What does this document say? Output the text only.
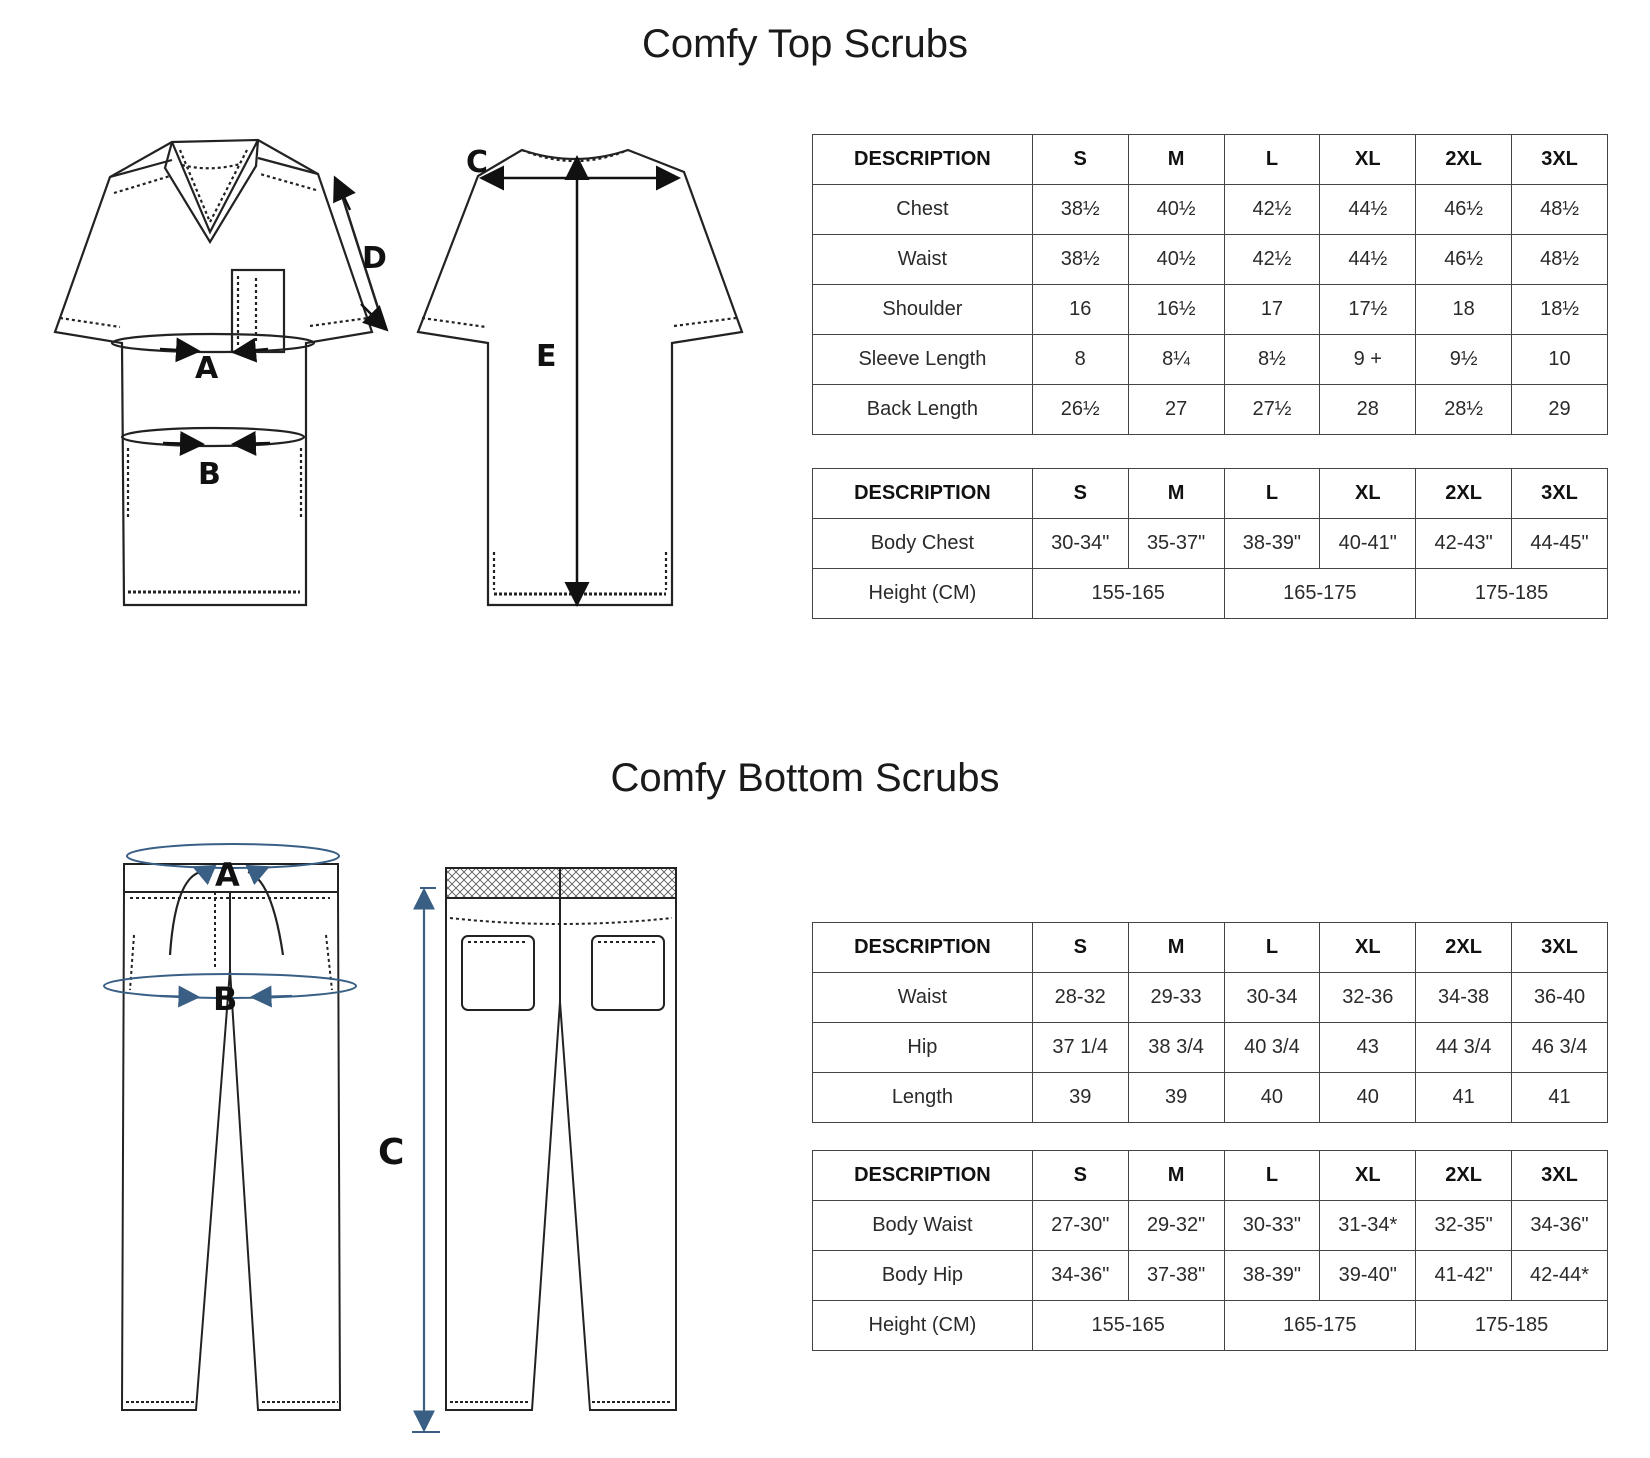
Comfy Top Scrubs
Comfy Bottom Scrubs
A
B
D
C
E
A
B
C
DESCRIPTION	S	M	L	XL	2XL	3XL
Chest	38½	40½	42½	44½	46½	48½
Waist	38½	40½	42½	44½	46½	48½
Shoulder	16	16½	17	17½	18	18½
Sleeve Length	8	8¼	8½	9 +	9½	10
Back Length	26½	27	27½	28	28½	29
DESCRIPTION	S	M	L	XL	2XL	3XL
Body Chest	30-34"	35-37"	38-39"	40-41"	42-43"	44-45"
Height (CM)	155-165		165-175		175-185	
DESCRIPTION	S	M	L	XL	2XL	3XL
Waist	28-32	29-33	30-34	32-36	34-38	36-40
Hip	37 1/4	38 3/4	40 3/4	43	44 3/4	46 3/4
Length	39	39	40	40	41	41
DESCRIPTION	S	M	L	XL	2XL	3XL
Body Waist	27-30"	29-32"	30-33"	31-34*	32-35"	34-36"
Body Hip	34-36"	37-38"	38-39"	39-40"	41-42"	42-44*
Height (CM)	155-165		165-175		175-185	
